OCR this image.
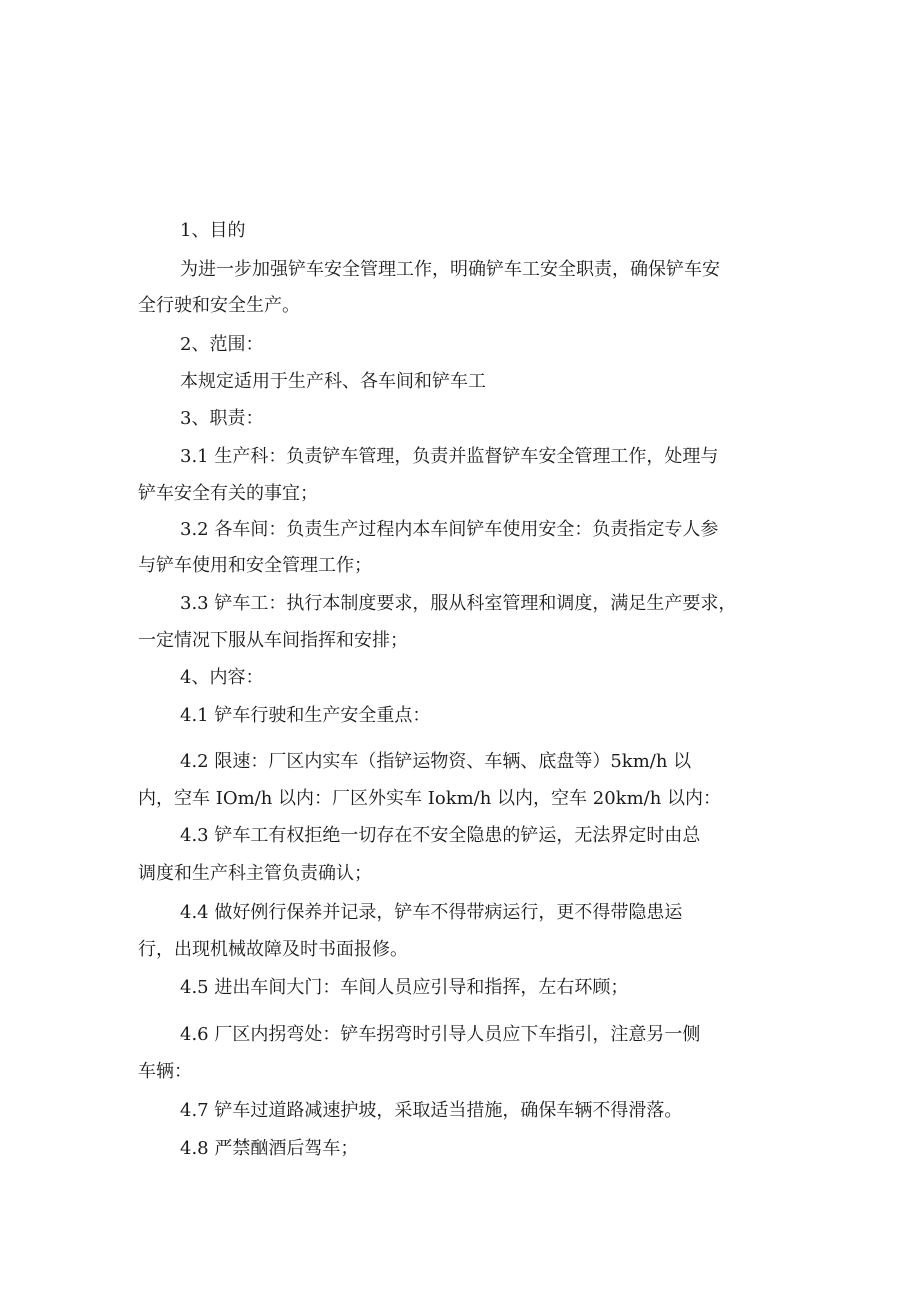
1、目的
为进一步加强铲车安全管理工作，明确铲车工安全职责，确保铲车安
全行驶和安全生产。
2、范围：
本规定适用于生产科、各车间和铲车工
3、职责：
3.1 生产科：负责铲车管理，负责并监督铲车安全管理工作，处理与
铲车安全有关的事宜；
3.2 各车间：负责生产过程内本车间铲车使用安全：负责指定专人参
与铲车使用和安全管理工作；
3.3 铲车工：执行本制度要求，服从科室管理和调度，满足生产要求，
一定情况下服从车间指挥和安排；
4、内容：
4.1 铲车行驶和生产安全重点：
4.2 限速：厂区内实车（指铲运物资、车辆、底盘等）5km∕h 以
内，空车 IOm/h 以内：厂区外实车 Iokm/h 以内，空车 20km∕h 以内：
4.3 铲车工有权拒绝一切存在不安全隐患的铲运，无法界定时由总
调度和生产科主管负责确认；
4.4 做好例行保养并记录，铲车不得带病运行，更不得带隐患运
行，出现机械故障及时书面报修。
4.5 进出车间大门：车间人员应引导和指挥，左右环顾；
4.6 厂区内拐弯处：铲车拐弯时引导人员应下车指引，注意另一侧
车辆：
4.7 铲车过道路减速护坡，采取适当措施，确保车辆不得滑落。
4.8 严禁酗酒后驾车；
